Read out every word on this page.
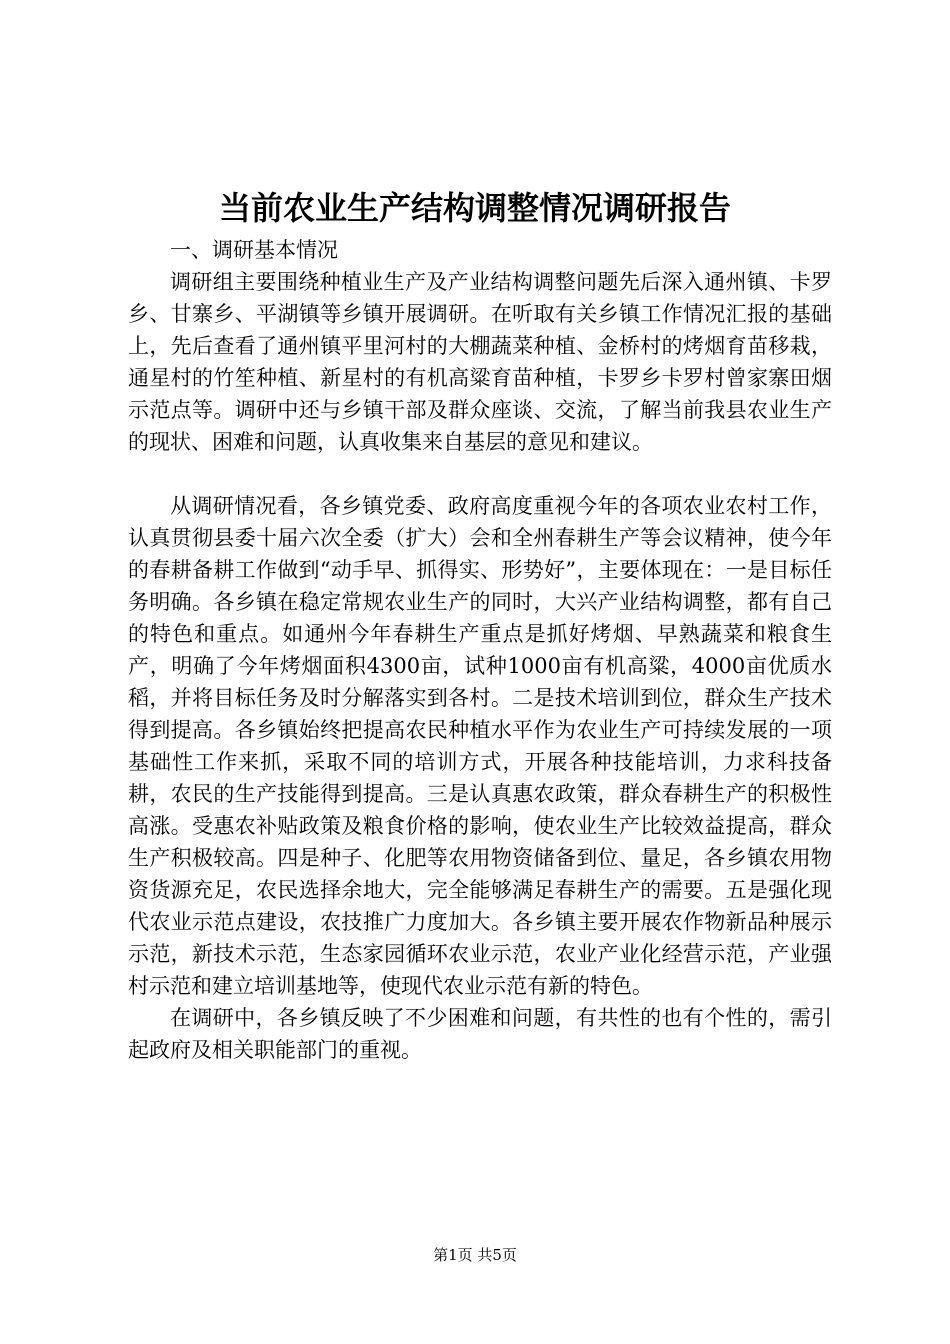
当前农业生产结构调整情况调研报告

一、调研基本情况

调研组主要围绕种植业生产及产业结构调整问题先后深入通州镇、卡罗乡、甘寨乡、平湖镇等乡镇开展调研。在听取有关乡镇工作情况汇报的基础上，先后查看了通州镇平里河村的大棚蔬菜种植、金桥村的烤烟育苗移栽，通星村的竹笙种植、新星村的有机高粱育苗种植，卡罗乡卡罗村曾家寨田烟示范点等。调研中还与乡镇干部及群众座谈、交流，了解当前我县农业生产的现状、困难和问题，认真收集来自基层的意见和建议。

从调研情况看，各乡镇党委、政府高度重视今年的各项农业农村工作，认真贯彻县委十届六次全委（扩大）会和全州春耕生产等会议精神，使今年的春耕备耕工作做到“动手早、抓得实、形势好”，主要体现在：一是目标任务明确。各乡镇在稳定常规农业生产的同时，大兴产业结构调整，都有自己的特色和重点。如通州今年春耕生产重点是抓好烤烟、早熟蔬菜和粮食生产，明确了今年烤烟面积4300亩，试种1000亩有机高粱，4000亩优质水稻，并将目标任务及时分解落实到各村。二是技术培训到位，群众生产技术得到提高。各乡镇始终把提高农民种植水平作为农业生产可持续发展的一项基础性工作来抓，采取不同的培训方式，开展各种技能培训，力求科技备耕，农民的生产技能得到提高。三是认真惠农政策，群众春耕生产的积极性高涨。受惠农补贴政策及粮食价格的影响，使农业生产比较效益提高，群众生产积极较高。四是种子、化肥等农用物资储备到位、量足，各乡镇农用物资货源充足，农民选择余地大，完全能够满足春耕生产的需要。五是强化现代农业示范点建设，农技推广力度加大。各乡镇主要开展农作物新品种展示示范，新技术示范，生态家园循环农业示范，农业产业化经营示范，产业强村示范和建立培训基地等，使现代农业示范有新的特色。

在调研中，各乡镇反映了不少困难和问题，有共性的也有个性的，需引起政府及相关职能部门的重视。

第1页 共5页
